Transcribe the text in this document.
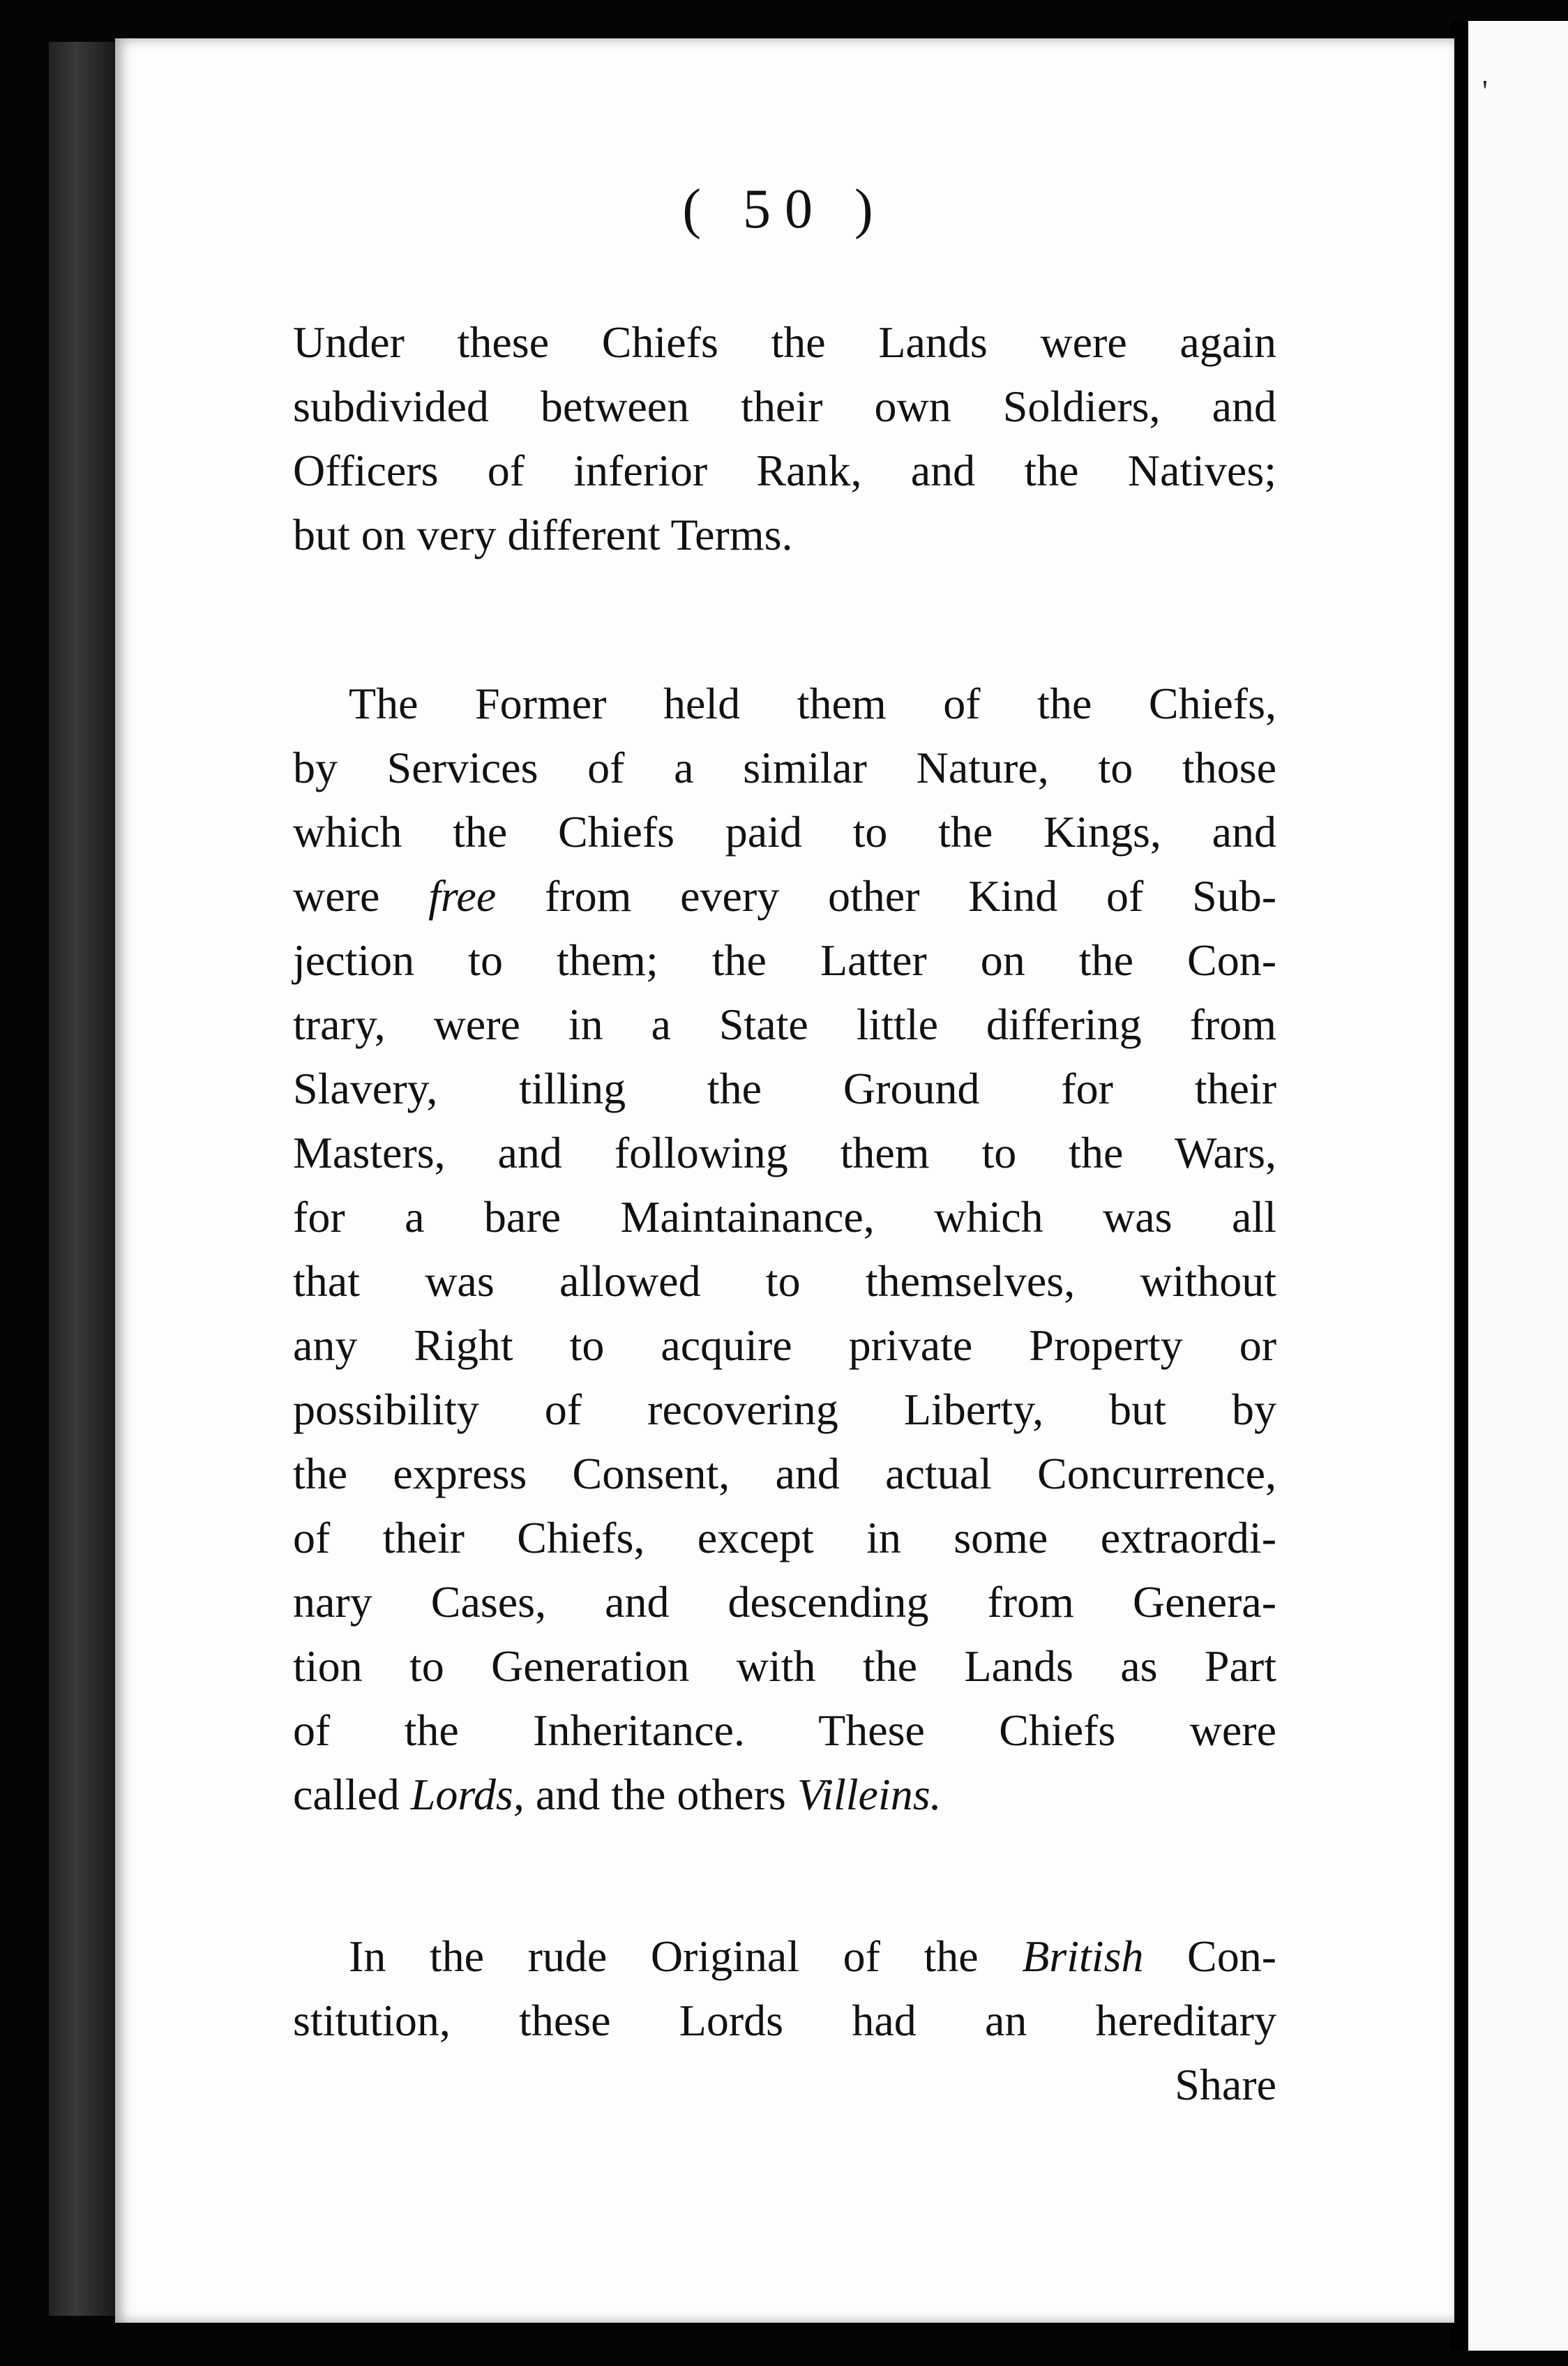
'
( 50 )
Under these Chiefs the Lands were again
subdivided between their own Soldiers, and
Officers of inferior Rank, and the Natives;
but on very different Terms.
The Former held them of the Chiefs,
by Services of a similar Nature, to those
which the Chiefs paid to the Kings, and
were free from every other Kind of Sub-
jection to them; the Latter on the Con-
trary, were in a State little differing from
Slavery, tilling the Ground for their
Masters, and following them to the Wars,
for a bare Maintainance, which was all
that was allowed to themselves, without
any Right to acquire private Property or
possibility of recovering Liberty, but by
the express Consent, and actual Concurrence,
of their Chiefs, except in some extraordi-
nary Cases, and descending from Genera-
tion to Generation with the Lands as Part
of the Inheritance. These Chiefs were
called Lords, and the others Villeins.
In the rude Original of the British Con-
stitution, these Lords had an hereditary
Share
